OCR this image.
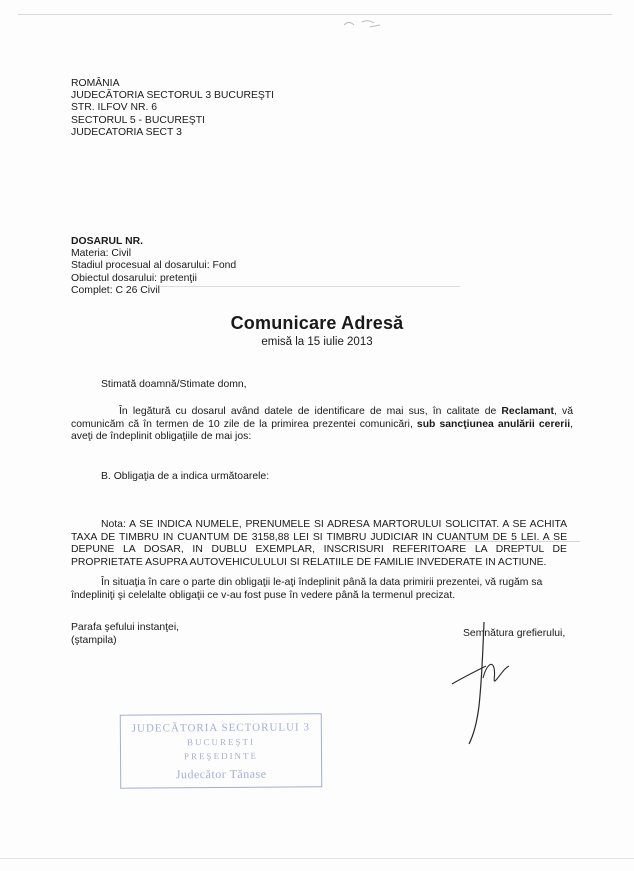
ROMÂNIA
JUDECĂTORIA SECTORUL 3 BUCUREŞTI
STR. ILFOV NR. 6
SECTORUL 5 - BUCUREŞTI
JUDECATORIA SECT 3
DOSARUL NR.
Materia: Civil
Stadiul procesual al dosarului: Fond
Obiectul dosarului: pretenţii
Complet: C 26 Civil
Comunicare Adresă
emisă la 15 iulie 2013
Stimată doamnă/Stimate domn,
În legătură cu dosarul având datele de identificare de mai sus, în calitate de Reclamant, vă comunicăm că în termen de 10 zile de la primirea prezentei comunicări, sub sancţiunea anulării cererii, aveţi de îndeplinit obligaţiile de mai jos:
B. Obligaţia de a indica următoarele:
Nota: A SE INDICA NUMELE, PRENUMELE SI ADRESA MARTORULUI SOLICITAT. A SE ACHITA TAXA DE TIMBRU IN CUANTUM DE 3158,88 LEI SI TIMBRU JUDICIAR IN CUANTUM DE 5 LEI. A SE DEPUNE LA DOSAR, IN DUBLU EXEMPLAR, INSCRISURI REFERITOARE LA DREPTUL DE PROPRIETATE ASUPRA AUTOVEHICULULUI SI RELATIILE DE FAMILIE INVEDERATE IN ACTIUNE.
În situaţia în care o parte din obligaţii le-aţi îndeplinit până la data primirii prezentei, vă rugăm sa îndepliniţi şi celelalte obligaţii ce v-au fost puse în vedere până la termenul precizat.
Parafa şefului instanţei,
(ştampila)
Semnătura grefierului,
JUDECĂTORIA SECTORULUI 3
BUCUREŞTI
PREŞEDINTE
Judecător Tănase
